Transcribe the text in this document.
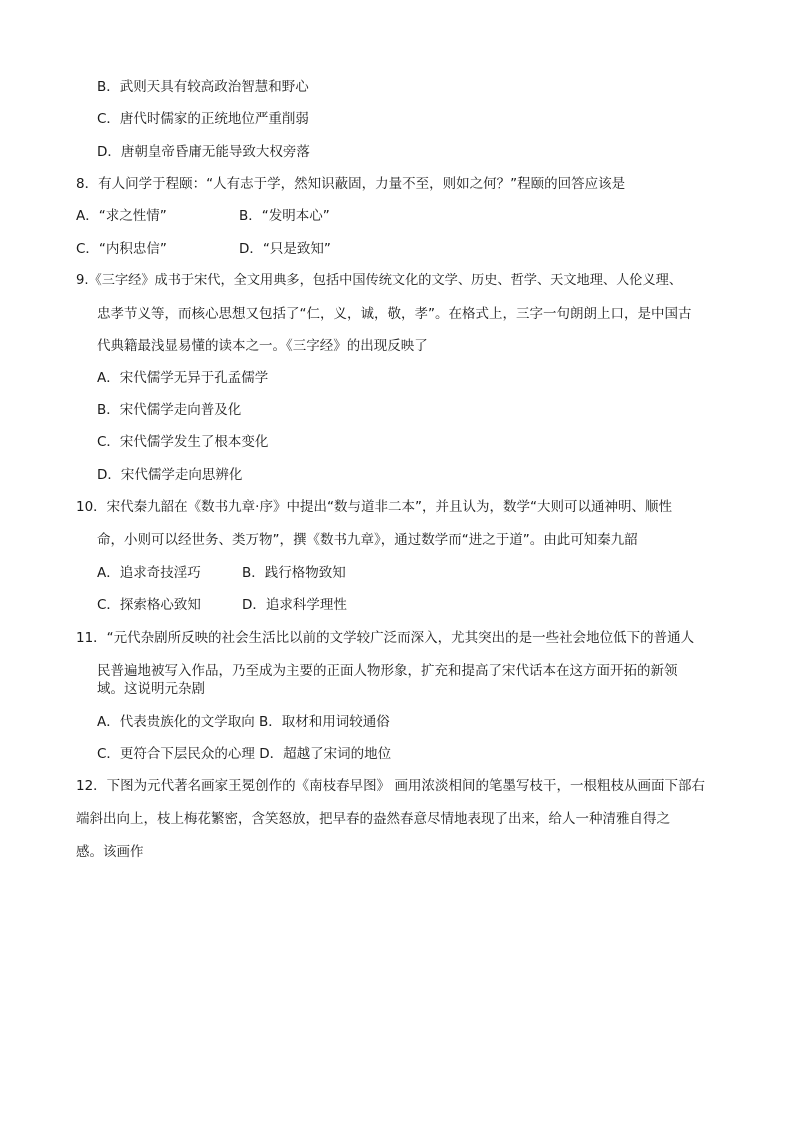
B．武则天具有较高政治智慧和野心
C．唐代时儒家的正统地位严重削弱
D．唐朝皇帝昏庸无能导致大权旁落
8．有人问学于程颐：“人有志于学，然知识蔽固，力量不至，则如之何？”程颐的回答应该是
A．“求之性情”	B．“发明本心”
C．“内积忠信”	D．“只是致知”
9.《三字经》成书于宋代，全文用典多，包括中国传统文化的文学、历史、哲学、天文地理、人伦义理、
忠孝节义等，而核心思想又包括了“仁，义，诚，敬，孝”。在格式上，三字一句朗朗上口，是中国古
代典籍最浅显易懂的读本之一。《三字经》的出现反映了
A．宋代儒学无异于孔孟儒学
B．宋代儒学走向普及化
C．宋代儒学发生了根本变化
D．宋代儒学走向思辨化
10．宋代秦九韶在《数书九章·序》中提出“数与道非二本”，并且认为，数学“大则可以通神明、顺性
命，小则可以经世务、类万物”，撰《数书九章》，通过数学而“进之于道”。由此可知秦九韶
A．追求奇技淫巧	B．践行格物致知
C．探索格心致知	D．追求科学理性
11．“元代杂剧所反映的社会生活比以前的文学较广泛而深入，尤其突出的是一些社会地位低下的普通人
民普遍地被写入作品，乃至成为主要的正面人物形象，扩充和提高了宋代话本在这方面开拓的新领
域。这说明元杂剧
A．代表贵族化的文学取向 B．取材和用词较通俗
C．更符合下层民众的心理 D．超越了宋词的地位
12．下图为元代著名画家王冕创作的《南枝春早图》 画用浓淡相间的笔墨写枝干，一根粗枝从画面下部右
端斜出向上，枝上梅花繁密，含笑怒放，把早春的盎然春意尽情地表现了出来，给人一种清雅自得之
感。该画作
